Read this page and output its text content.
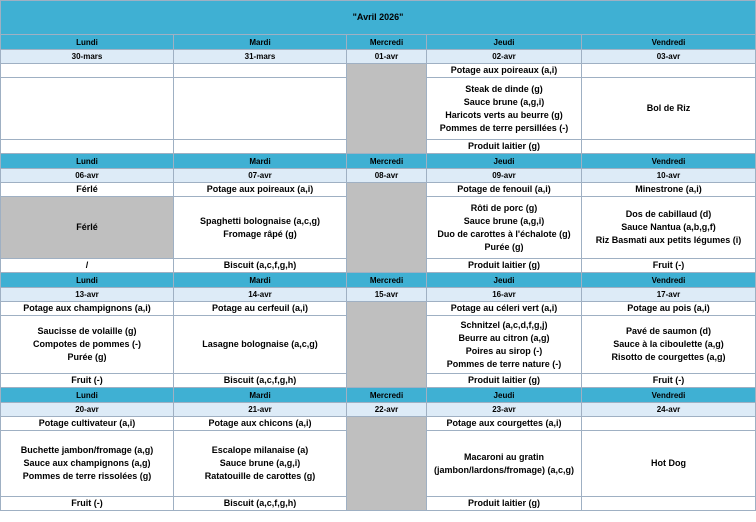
"Avril 2026"				
Lundi	Mardi	Mercredi	Jeudi	Vendredi
30-mars	31-mars	01-avr	02-avr	03-avr
			Potage aux poireaux (a,i)	

			Steak de dinde (g)
Sauce brune (a,g,i)
Haricots verts au beurre (g)
Pommes de terre persillées (-)	Bol de Riz

			Produit laitier (g)	
Lundi	Mardi	Mercredi	Jeudi	Vendredi
06-avr	07-avr	08-avr	09-avr	10-avr
Férlé	Potage aux poireaux (a,i)		Potage de fenouil (a,i)	Minestrone (a,i)

Férlé	Spaghetti bolognaise (a,c,g)
Fromage râpé (g)		Rôti de porc (g)
Sauce brune (a,g,i)
Duo de carottes à l'échalote (g)
Purée (g)	Dos de cabillaud (d)
Sauce Nantua (a,b,g,f)
Riz Basmati aux petits légumes (i)

/	Biscuit (a,c,f,g,h)		Produit laitier (g)	Fruit (-)
Lundi	Mardi	Mercredi	Jeudi	Vendredi
13-avr	14-avr	15-avr	16-avr	17-avr
Potage aux champignons (a,i)	Potage au cerfeuil (a,i)		Potage au céleri vert (a,i)	Potage au pois (a,i)

Saucisse de volaille (g)
Compotes de pommes (-)
Purée (g)	Lasagne bolognaise (a,c,g)		Schnitzel (a,c,d,f,g,j)
Beurre au citron (a,g)
Poires au sirop (-)
Pommes de terre nature (-)	Pavé de saumon (d)
Sauce à la ciboulette (a,g)
Risotto de courgettes (a,g)

Fruit (-)	Biscuit (a,c,f,g,h)		Produit laitier (g)	Fruit (-)
Lundi	Mardi	Mercredi	Jeudi	Vendredi
20-avr	21-avr	22-avr	23-avr	24-avr
Potage cultivateur (a,i)	Potage aux chicons (a,i)		Potage aux courgettes (a,i)	

Buchette jambon/fromage (a,g)
Sauce aux champignons (a,g)
Pommes de terre rissolées (g)	Escalope milanaise (a)
Sauce brune (a,g,i)
Ratatouille de carottes (g)		Macaroni au gratin
(jambon/lardons/fromage) (a,c,g)	Hot Dog

Fruit (-)	Biscuit (a,c,f,g,h)		Produit laitier (g)	
